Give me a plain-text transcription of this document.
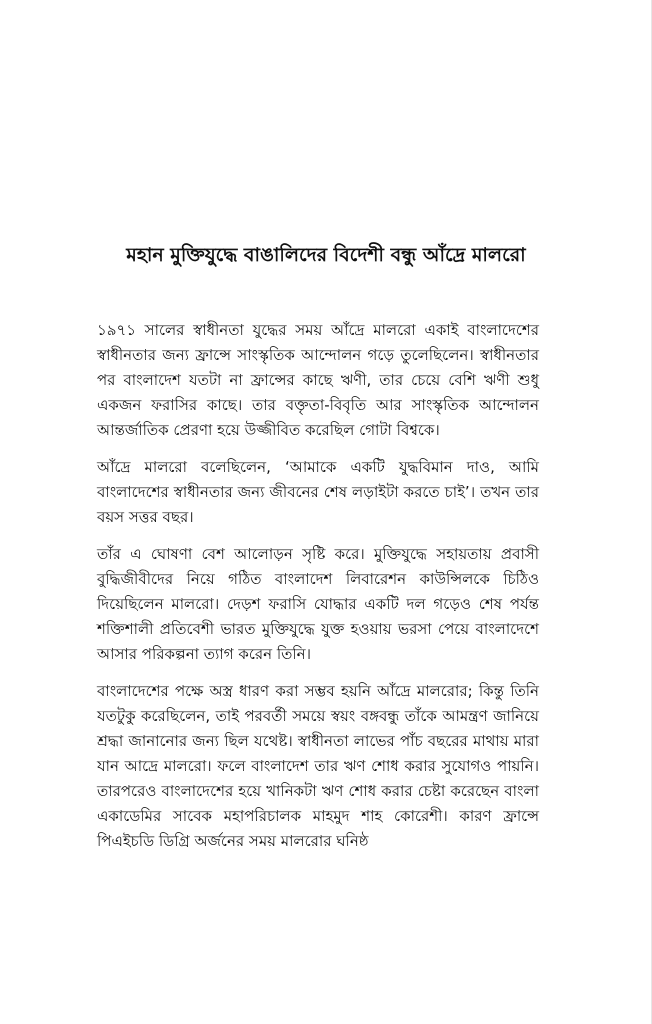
মহান মুক্তিযুদ্ধে বাঙালিদের বিদেশী বন্ধু আঁদ্রে মালরো

১৯৭১ সালের স্বাধীনতা যুদ্ধের সময় আঁদ্রে মালরো একাই বাংলাদেশের স্বাধীনতার জন্য ফ্রান্সে সাংস্কৃতিক আন্দোলন গড়ে তুলেছিলেন। স্বাধীনতার পর বাংলাদেশ যতটা না ফ্রান্সের কাছে ঋণী, তার চেয়ে বেশি ঋণী শুধু একজন ফরাসির কাছে। তার বক্তৃতা-বিবৃতি আর সাংস্কৃতিক আন্দোলন আন্তর্জাতিক প্রেরণা হয়ে উজ্জীবিত করেছিল গোটা বিশ্বকে।

আঁদ্রে মালরো বলেছিলেন, ‘আমাকে একটি যুদ্ধবিমান দাও, আমি বাংলাদেশের স্বাধীনতার জন্য জীবনের শেষ লড়াইটা করতে চাই’। তখন তার বয়স সত্তর বছর।

তাঁর এ ঘোষণা বেশ আলোড়ন সৃষ্টি করে। মুক্তিযুদ্ধে সহায়তায় প্রবাসী বুদ্ধিজীবীদের নিয়ে গঠিত বাংলাদেশ লিবারেশন কাউন্সিলকে চিঠিও দিয়েছিলেন মালরো। দেড়শ ফরাসি যোদ্ধার একটি দল গড়েও শেষ পর্যন্ত শক্তিশালী প্রতিবেশী ভারত মুক্তিযুদ্ধে যুক্ত হওয়ায় ভরসা পেয়ে বাংলাদেশে আসার পরিকল্পনা ত্যাগ করেন তিনি।

বাংলাদেশের পক্ষে অস্ত্র ধারণ করা সম্ভব হয়নি আঁদ্রে মালরোর; কিন্তু তিনি যতটুকু করেছিলেন, তাই পরবর্তী সময়ে স্বয়ং বঙ্গবন্ধু তাঁকে আমন্ত্রণ জানিয়ে শ্রদ্ধা জানানোর জন্য ছিল যথেষ্ট। স্বাধীনতা লাভের পাঁচ বছরের মাথায় মারা যান আদ্রে মালরো। ফলে বাংলাদেশ তার ঋণ শোধ করার সুযোগও পায়নি। তারপরেও বাংলাদেশের হয়ে খানিকটা ঋণ শোধ করার চেষ্টা করেছেন বাংলা একাডেমির সাবেক মহাপরিচালক মাহমুদ শাহ কোরেশী। কারণ ফ্রান্সে পিএইচডি ডিগ্রি অর্জনের সময় মালরোর ঘনিষ্ঠ
